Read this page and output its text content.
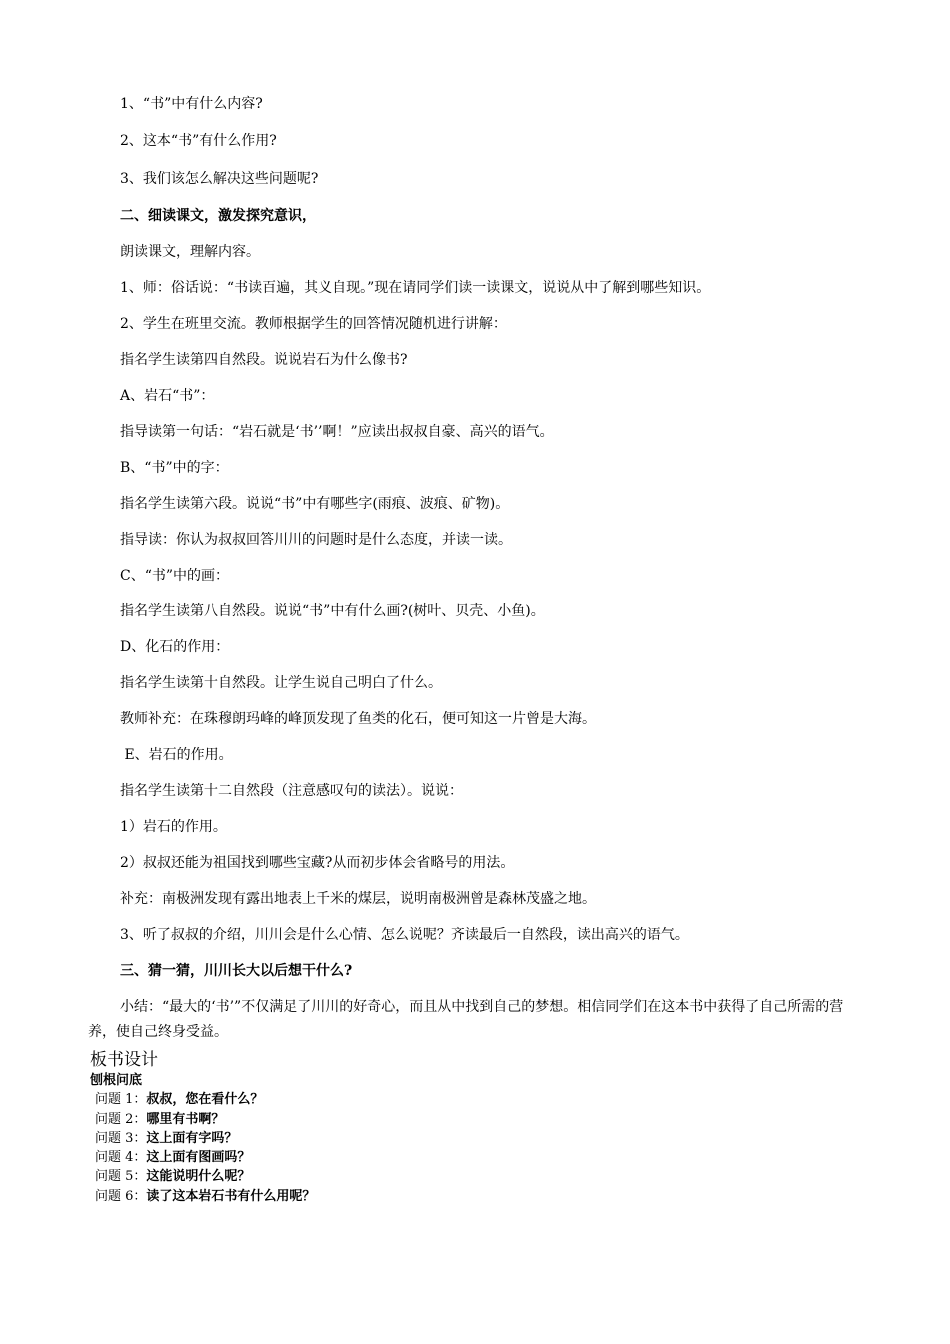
1、“书”中有什么内容?
2、这本“书”有什么作用?
3、我们该怎么解决这些问题呢?
二、细读课文，激发探究意识，
朗读课文，理解内容。
1、师：俗话说：“书读百遍，其义自现。”现在请同学们读一读课文，说说从中了解到哪些知识。
2、学生在班里交流。教师根据学生的回答情况随机进行讲解：
指名学生读第四自然段。说说岩石为什么像书?
A、岩石“书”：
指导读第一句话：“岩石就是‘书’’啊！”应读出叔叔自豪、高兴的语气。
B、“书”中的字：
指名学生读第六段。说说“书”中有哪些字(雨痕、波痕、矿物)。
指导读：你认为叔叔回答川川的问题时是什么态度，并读一读。
C、“书”中的画：
指名学生读第八自然段。说说“书”中有什么画?(树叶、贝壳、小鱼)。
D、化石的作用：
指名学生读第十自然段。让学生说自己明白了什么。
教师补充：在珠穆朗玛峰的峰顶发现了鱼类的化石，便可知这一片曾是大海。
E、岩石的作用。
指名学生读第十二自然段（注意感叹句的读法）。说说：
1）岩石的作用。
2）叔叔还能为祖国找到哪些宝藏?从而初步体会省略号的用法。
补充：南极洲发现有露出地表上千米的煤层，说明南极洲曾是森林茂盛之地。
3、听了叔叔的介绍，川川会是什么心情、怎么说呢？齐读最后一自然段，读出高兴的语气。
三、猜一猜，川川长大以后想干什么?
小结：“最大的‘书’”不仅满足了川川的好奇心，而且从中找到自己的梦想。相信同学们在这本书中获得了自己所需的营养，使自己终身受益。
板书设计
刨根问底
问题 1：叔叔，您在看什么？
问题 2：哪里有书啊？
问题 3：这上面有字吗？
问题 4：这上面有图画吗？
问题 5：这能说明什么呢？
问题 6：读了这本岩石书有什么用呢？
